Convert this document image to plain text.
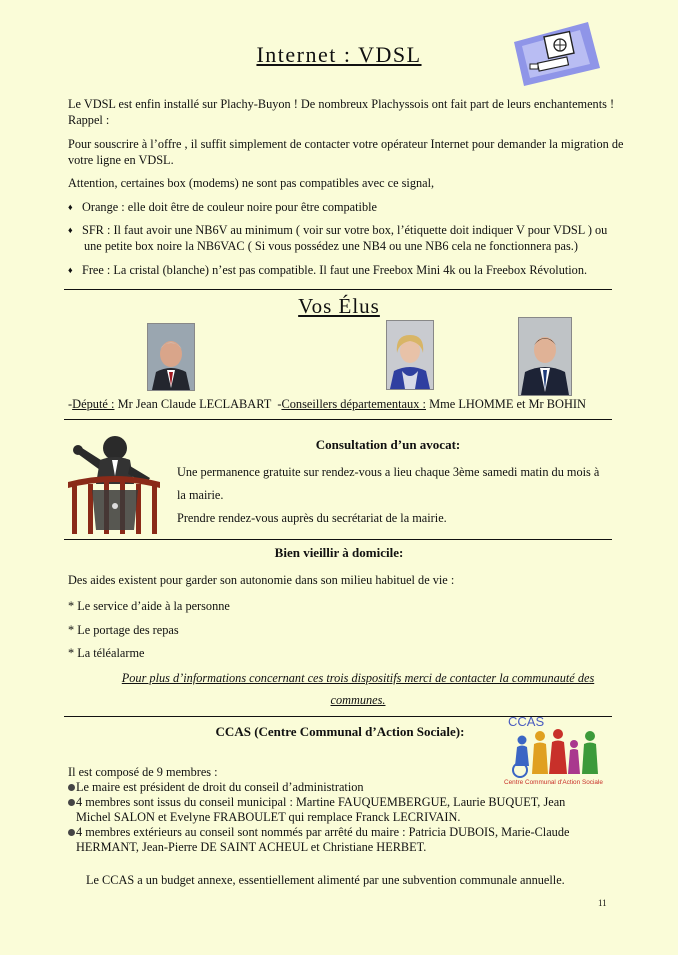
Internet : VDSL
Le VDSL est enfin installé sur Plachy-Buyon ! De nombreux Plachyssois ont fait part de leurs enchantements !
Rappel :
Pour souscrire à l’offre , il suffit simplement de contacter votre opérateur Internet pour demander la migration de
votre ligne en VDSL.
Attention, certaines box (modems) ne sont pas compatibles avec ce signal,
♦ Orange : elle doit être de couleur noire pour être compatible
♦ SFR : Il faut avoir une NB6V au minimum ( voir sur votre box, l’étiquette doit indiquer V pour VDSL ) ou
une petite box noire la NB6VAC ( Si vous possédez une NB4 ou une NB6 cela ne fonctionnera pas.)
♦ Free : La cristal (blanche) n’est pas compatible. Il faut une Freebox Mini 4k ou la Freebox Révolution.
Vos Élus
-Député : Mr Jean Claude LECLABART  -Conseillers départementaux : Mme LHOMME et Mr BOHIN
Consultation d’un avocat:
Une permanence gratuite sur rendez-vous a lieu chaque 3ème samedi matin du mois à
la mairie.
Prendre rendez-vous auprès du secrétariat de la mairie.
Bien vieillir à domicile:
Des aides existent pour garder son autonomie dans son milieu habituel de vie :
* Le service d’aide à la personne
* Le portage des repas
* La téléalarme
Pour plus d’informations concernant ces trois dispositifs merci de contacter la communauté des
communes.
CCAS (Centre Communal d’Action Sociale):
CCAS
Centre Communal d'Action Sociale
Il est composé de 9 membres :
Le maire est président de droit du conseil d’administration
4 membres sont issus du conseil municipal : Martine FAUQUEMBERGUE, Laurie BUQUET, Jean
Michel SALON et Evelyne FRABOULET qui remplace Franck LECRIVAIN.
4 membres extérieurs au conseil sont nommés par arrêté du maire : Patricia DUBOIS, Marie-Claude
HERMANT, Jean-Pierre DE SAINT ACHEUL et Christiane HERBET.
Le CCAS a un budget annexe, essentiellement alimenté par une subvention communale annuelle.
11
